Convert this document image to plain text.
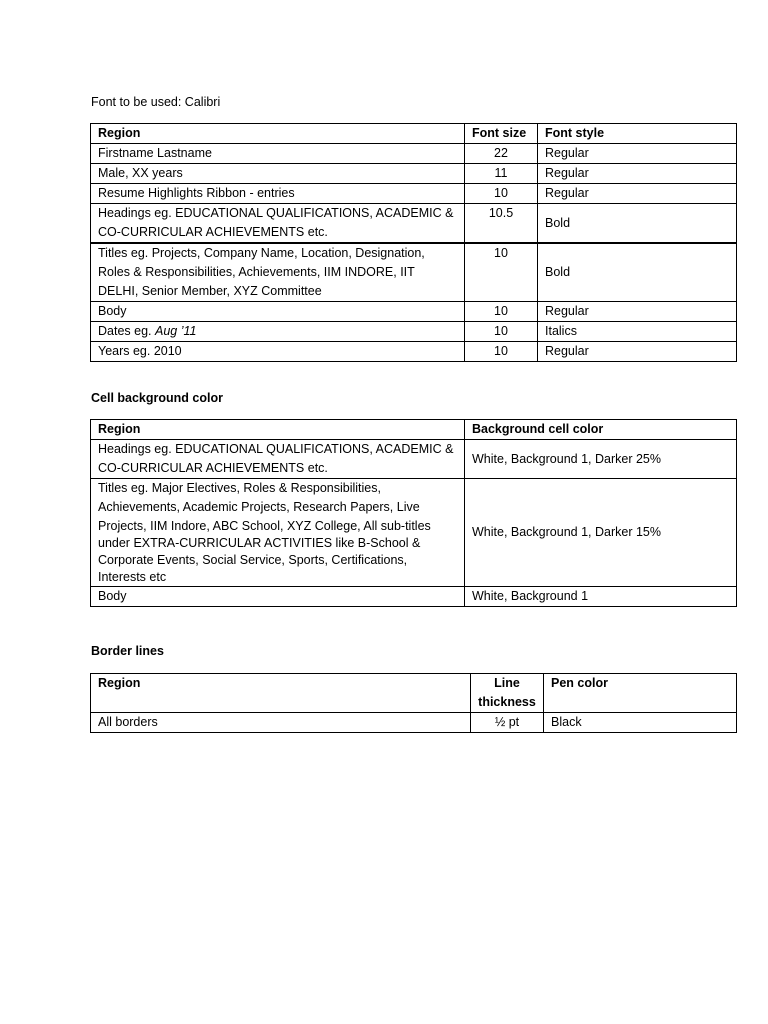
Font to be used: Calibri
Region	Font size	Font style
Firstname Lastname	22	Regular
Male, XX years	11	Regular
Resume Highlights Ribbon - entries	10	Regular
Headings eg. EDUCATIONAL QUALIFICATIONS, ACADEMIC & CO-CURRICULAR ACHIEVEMENTS etc.	10.5	Bold
Titles eg. Projects, Company Name, Location, Designation, Roles & Responsibilities, Achievements, IIM INDORE, IIT DELHI, Senior Member, XYZ Committee	10	Bold
Body	10	Regular
Dates eg. Aug ’11	10	Italics
Years eg. 2010	10	Regular
Cell background color
Region	Background cell color
Headings eg. EDUCATIONAL QUALIFICATIONS, ACADEMIC & CO-CURRICULAR ACHIEVEMENTS etc.	White, Background 1, Darker 25%

Titles eg. Major Electives, Roles & Responsibilities, Achievements, Academic Projects, Research Papers, Live
Projects, IIM Indore, ABC School, XYZ College, All sub-titles under EXTRA-CURRICULAR ACTIVITIES like B-School & Corporate Events, Social Service, Sports, Certifications, Interests etc	White, Background 1, Darker 15%
Body	White, Background 1
Border lines
Region	Line thickness	Pen color
All borders	½ pt	Black
